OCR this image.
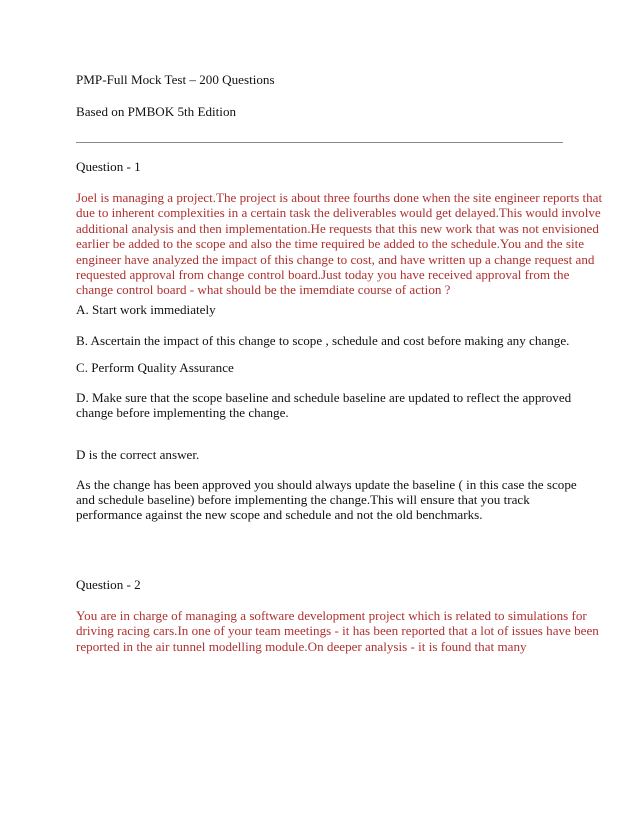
PMP-Full Mock Test – 200 Questions

Based on PMBOK 5th Edition

Question - 1

Joel is managing a project.The project is about three fourths done when the site engineer reports that
due to inherent complexities in a certain task the deliverables would get delayed.This would involve
additional analysis and then implementation.He requests that this new work that was not envisioned
earlier be added to the scope and also the time required be added to the schedule.You and the site
engineer have analyzed the impact of this change to cost, and have written up a change request and
requested approval from change control board.Just today you have received approval from the
change control board - what should be the imemdiate course of action ?

A. Start work immediately

B. Ascertain the impact of this change to scope , schedule and cost before making any change.

C. Perform Quality Assurance

D. Make sure that the scope baseline and schedule baseline are updated to reflect the approved
change before implementing the change.

D is the correct answer.

As the change has been approved you should always update the baseline ( in this case the scope
and schedule baseline) before implementing the change.This will ensure that you track
performance against the new scope and schedule and not the old benchmarks.

Question - 2

You are in charge of managing a software development project which is related to simulations for
driving racing cars.In one of your team meetings - it has been reported that a lot of issues have been
reported in the air tunnel modelling module.On deeper analysis - it is found that many
